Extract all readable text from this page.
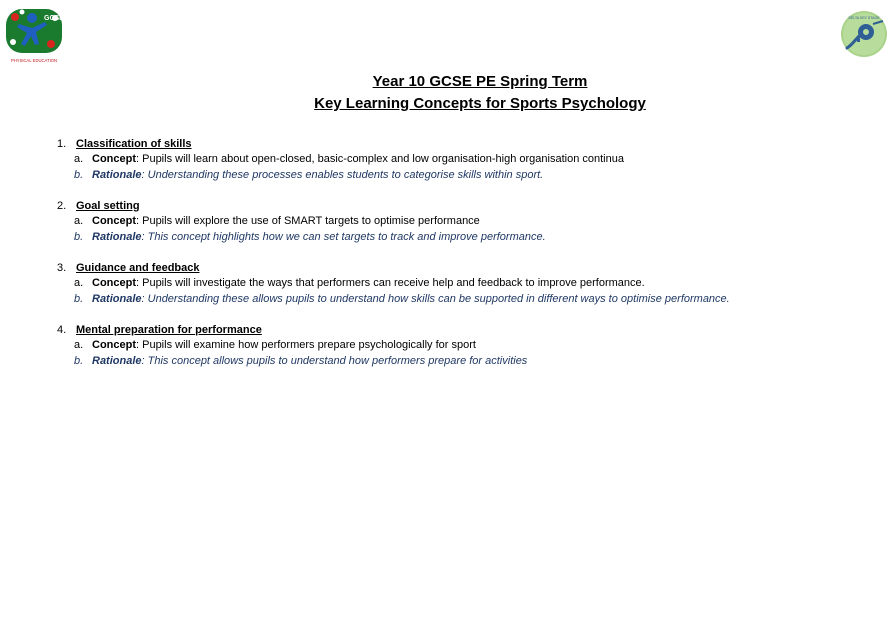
GCSE
PHYSICAL EDUCATION
DELTA KEY STAGE
Year 10 GCSE PE Spring Term
Key Learning Concepts for Sports Psychology
1. Classification of skills
a. Concept: Pupils will learn about open-closed, basic-complex and low organisation-high organisation continua
b. Rationale: Understanding these processes enables students to categorise skills within sport.
2. Goal setting
a. Concept: Pupils will explore the use of SMART targets to optimise performance
b. Rationale: This concept highlights how we can set targets to track and improve performance.
3. Guidance and feedback
a. Concept: Pupils will investigate the ways that performers can receive help and feedback to improve performance.
b. Rationale: Understanding these allows pupils to understand how skills can be supported in different ways to optimise performance.
4. Mental preparation for performance
a. Concept: Pupils will examine how performers prepare psychologically for sport
b. Rationale: This concept allows pupils to understand how performers prepare for activities
